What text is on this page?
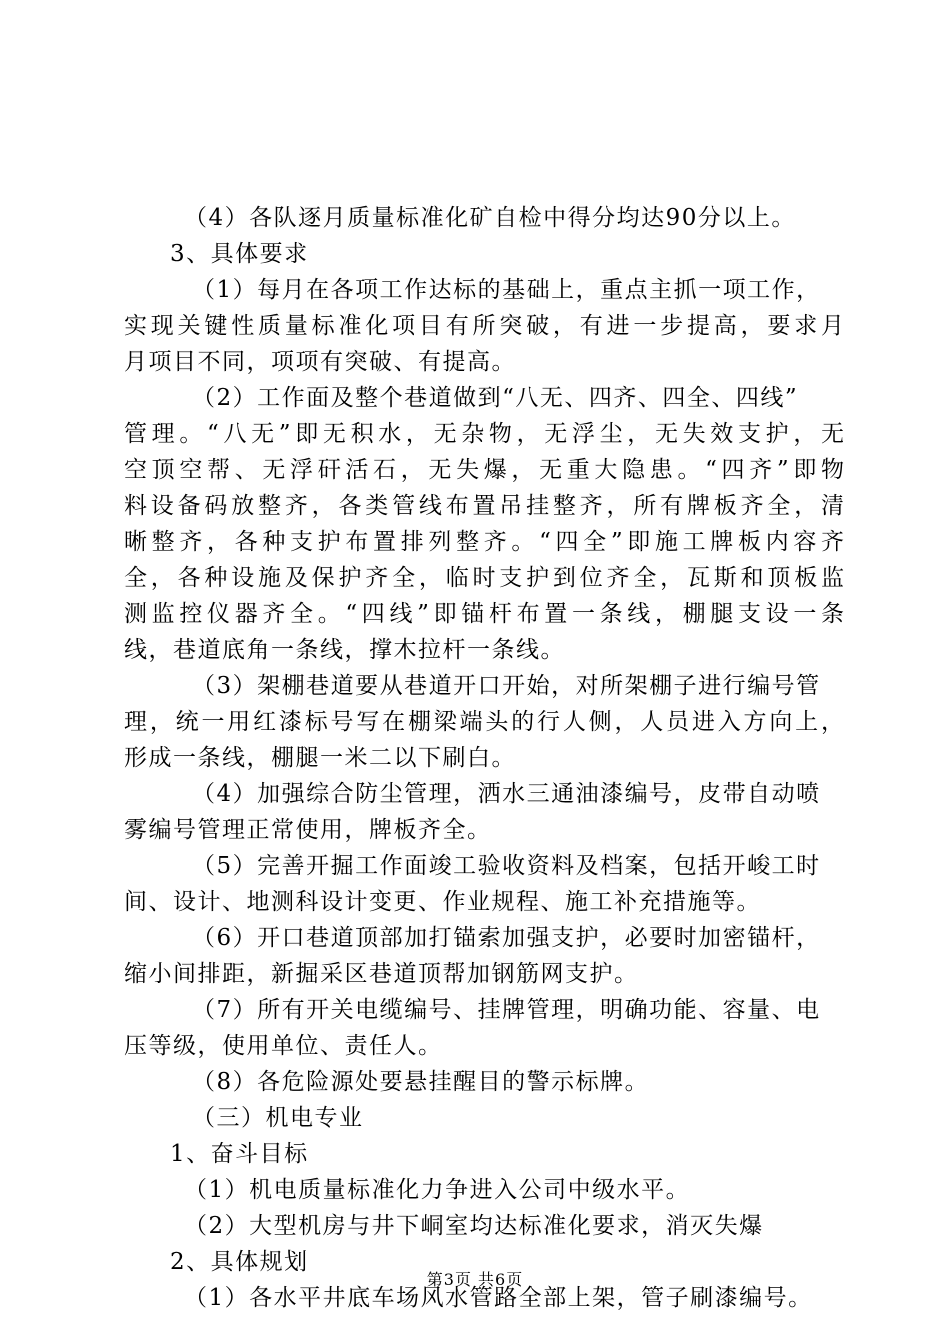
（4）各队逐月质量标准化矿自检中得分均达90分以上。
3、具体要求
（1）每月在各项工作达标的基础上，重点主抓一项工作，
实现关键性质量标准化项目有所突破，有进一步提高，要求月
月项目不同，项项有突破、有提高。
（2）工作面及整个巷道做到“八无、四齐、四全、四线”
管理。“八无”即无积水，无杂物，无浮尘，无失效支护，无
空顶空帮、无浮矸活石，无失爆，无重大隐患。“四齐”即物
料设备码放整齐，各类管线布置吊挂整齐，所有牌板齐全，清
晰整齐，各种支护布置排列整齐。“四全”即施工牌板内容齐
全，各种设施及保护齐全，临时支护到位齐全，瓦斯和顶板监
测监控仪器齐全。“四线”即锚杆布置一条线，棚腿支设一条
线，巷道底角一条线，撑木拉杆一条线。
（3）架棚巷道要从巷道开口开始，对所架棚子进行编号管
理，统一用红漆标号写在棚梁端头的行人侧，人员进入方向上，
形成一条线，棚腿一米二以下刷白。
（4）加强综合防尘管理，洒水三通油漆编号，皮带自动喷
雾编号管理正常使用，牌板齐全。
（5）完善开掘工作面竣工验收资料及档案，包括开峻工时
间、设计、地测科设计变更、作业规程、施工补充措施等。
（6）开口巷道顶部加打锚索加强支护，必要时加密锚杆，
缩小间排距，新掘采区巷道顶帮加钢筋网支护。
（7）所有开关电缆编号、挂牌管理，明确功能、容量、电
压等级，使用单位、责任人。
（8）各危险源处要悬挂醒目的警示标牌。
（三）机电专业
1、奋斗目标
（1）机电质量标准化力争进入公司中级水平。
（2）大型机房与井下峒室均达标准化要求，消灭失爆
2、具体规划
（1）各水平井底车场风水管路全部上架，管子刷漆编号。
第3页 共6页
